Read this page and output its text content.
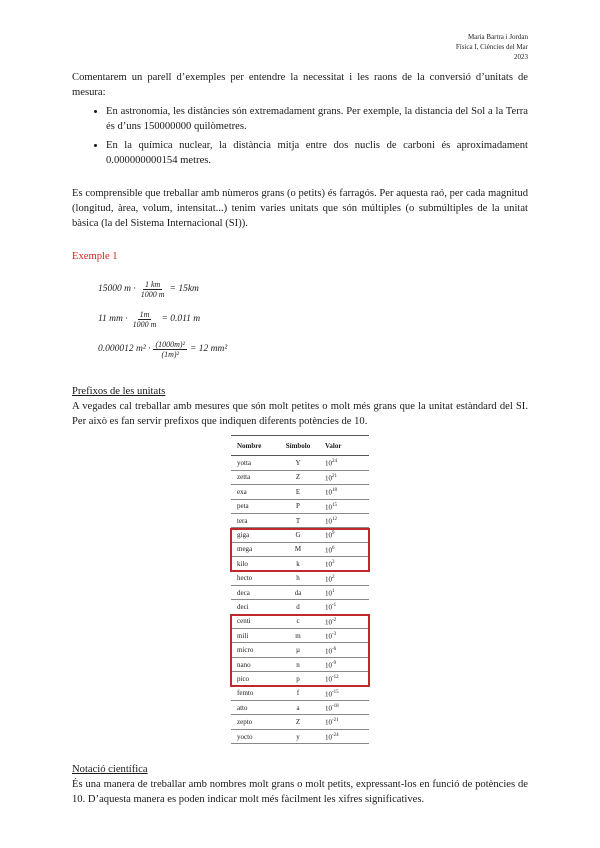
Maria Bartra i Jordan
Física I, Ciències del Mar
2023

Comentarem un parell d’exemples per entendre la necessitat i les raons de la conversió d’unitats de mesura:

• En astronomia, les distàncies són extremadament grans. Per exemple, la distancia del Sol a la Terra és d’uns 150000000 quilòmetres.
• En la química nuclear, la distància mitja entre dos nuclis de carboni és aproximadament 0.000000000154 metres.

Es comprensible que treballar amb nùmeros grans (o petits) és farragós. Per aquesta raó, per cada magnitud (longitud, àrea, volum, intensitat...) tenim varies unitats que són múltiples (o submúltiples de la unitat bàsica (la del Sistema Internacional (SI)).

Exemple 1
15000 $m \cdot \frac{1 km}{1000 m} = 15km$
11 mm · $\frac{1m}{1000 m} = 0.011$ m
0.000012 $m^2 \cdot \frac{\text{(1000m)²}}{\text{(1m)²}} = 12$ mm²
Prefixos de les unitats

A vegades cal treballar amb mesures que són molt petites o molt més grans que la unitat estàndard del SI. Per això es fan servir prefixos que indiquen diferents potències de 10.

Nombre	Símbolo	Valor
yotta	Y	$10^{24}$
zetta	Z	$10^{21}$
exa	E	$10^{18}$
peta	P	$10^{15}$
tera	T	$10^{12}$
giga	G	$10^9$
mega	M	$10^6$
kilo	k	$10^3$
hecto	h	$10^2$
deca	da	$10^1$
deci	d	$10^{-1}$
centi	c	$10^{-2}$
mili	m	$10^{-3}$
micro	µ	$10^{-6}$
nano	n	$10^{-9}$
pico	p	$10^{-12}$
femto	f	$10^{-15}$
atto	a	$10^{-18}$
zepto	Z	$10^{-21}$
yocto	y	$10^{-24}$
Notació científica

És una manera de treballar amb nombres molt grans o molt petits, expressant-los en funció de potències de 10. D’aquesta manera es poden indicar molt més fàcilment les xifres significatives.
